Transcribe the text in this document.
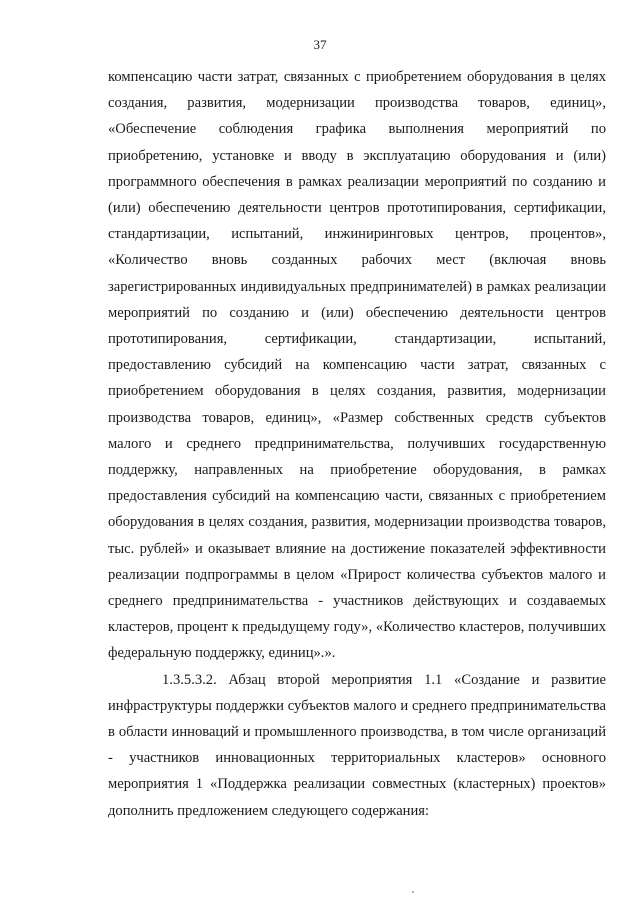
37

компенсацию части затрат, связанных с приобретением оборудования в целях создания, развития, модернизации производства товаров, единиц», «Обеспечение соблюдения графика выполнения мероприятий по приобретению, установке и вводу в эксплуатацию оборудования и (или) программного обеспечения в рамках реализации мероприятий по созданию и (или) обеспечению деятельности центров прототипирования, сертификации, стандартизации, испытаний, инжиниринговых центров, процентов», «Количество вновь созданных рабочих мест (включая вновь зарегистрированных индивидуальных предпринимателей) в рамках реализации мероприятий по созданию и (или) обеспечению деятельности центров прототипирования, сертификации, стандартизации, испытаний, предоставлению субсидий на компенсацию части затрат, связанных с приобретением оборудования в целях создания, развития, модернизации производства товаров, единиц», «Размер собственных средств субъектов малого и среднего предпринимательства, получивших государственную поддержку, направленных на приобретение оборудования, в рамках предоставления субсидий на компенсацию части, связанных с приобретением оборудования в целях создания, развития, модернизации производства товаров, тыс. рублей» и оказывает влияние на достижение показателей эффективности реализации подпрограммы в целом «Прирост количества субъектов малого и среднего предпринимательства - участников действующих и создаваемых кластеров, процент к предыдущему году», «Количество кластеров, получивших федеральную поддержку, единиц».».

1.3.5.3.2. Абзац второй мероприятия 1.1 «Создание и развитие инфраструктуры поддержки субъектов малого и среднего предпринимательства в области инноваций и промышленного производства, в том числе организаций - участников инновационных территориальных кластеров» основного мероприятия 1 «Поддержка реализации совместных (кластерных) проектов» дополнить предложением следующего содержания:
